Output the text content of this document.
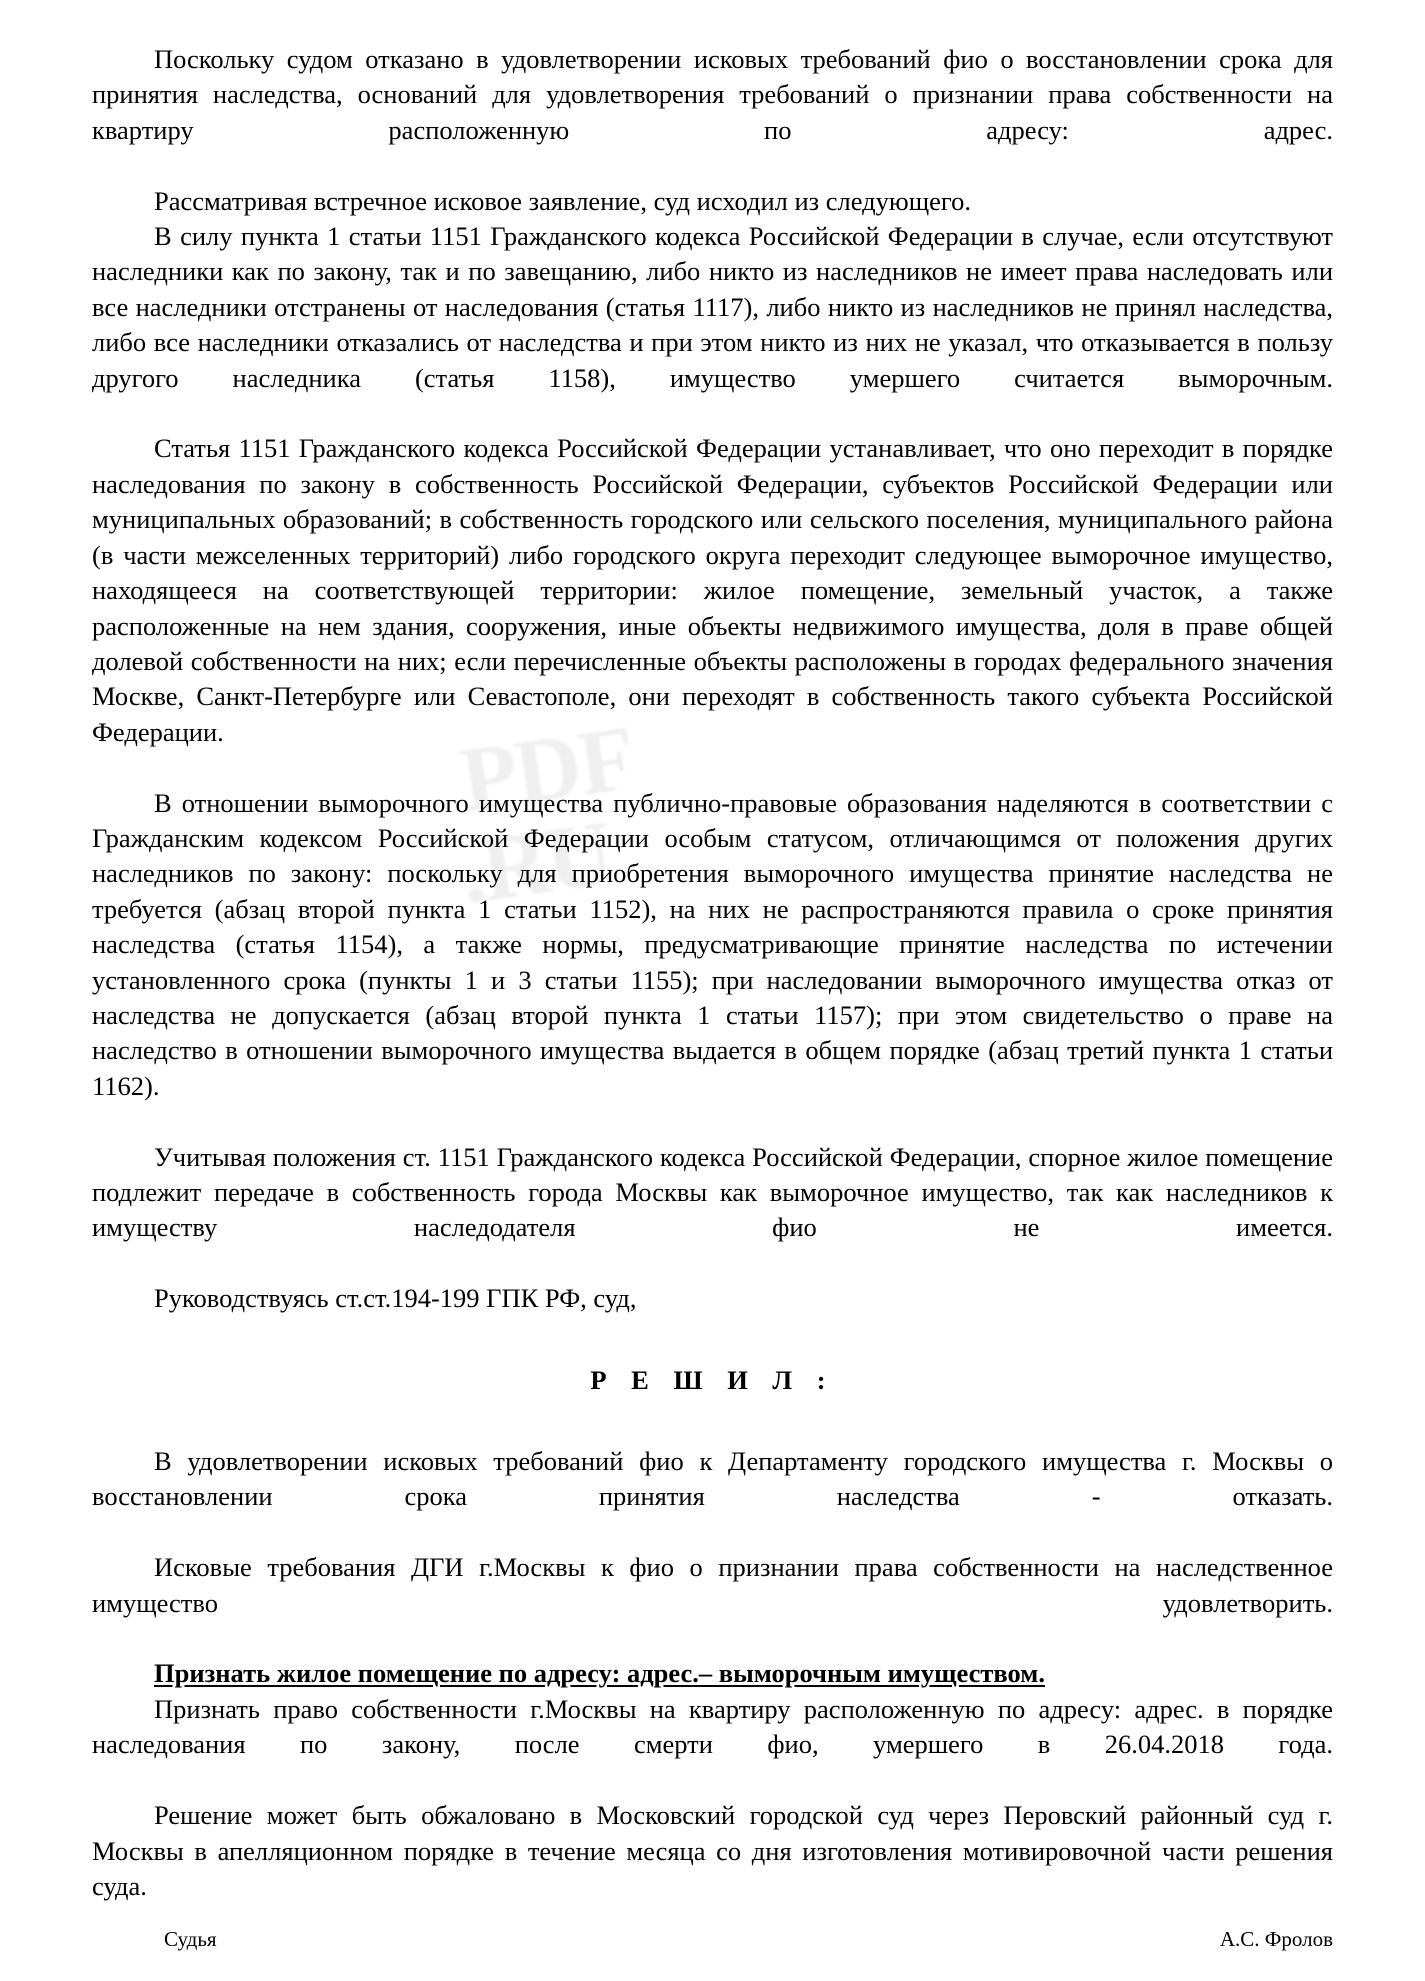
PDF
.RU

Поскольку судом отказано в удовлетворении исковых требований фио о восстановлении срока для принятия наследства, оснований для удовлетворения требований о признании права собственности на квартиру расположенную по адресу: адрес.

Рассматривая встречное исковое заявление, суд исходил из следующего.

В силу пункта 1 статьи 1151 Гражданского кодекса Российской Федерации в случае, если отсутствуют наследники как по закону, так и по завещанию, либо никто из наследников не имеет права наследовать или все наследники отстранены от наследования (статья 1117), либо никто из наследников не принял наследства, либо все наследники отказались от наследства и при этом никто из них не указал, что отказывается в пользу другого наследника (статья 1158), имущество умершего считается выморочным.

Статья 1151 Гражданского кодекса Российской Федерации устанавливает, что оно переходит в порядке наследования по закону в собственность Российской Федерации, субъектов Российской Федерации или муниципальных образований; в собственность городского или сельского поселения, муниципального района (в части межселенных территорий) либо городского округа переходит следующее выморочное имущество, находящееся на соответствующей территории: жилое помещение, земельный участок, а также расположенные на нем здания, сооружения, иные объекты недвижимого имущества, доля в праве общей долевой собственности на них; если перечисленные объекты расположены в городах федерального значения Москве, Санкт-Петербурге или Севастополе, они переходят в собственность такого субъекта Российской Федерации.

В отношении выморочного имущества публично-правовые образования наделяются в соответствии с Гражданским кодексом Российской Федерации особым статусом, отличающимся от положения других наследников по закону: поскольку для приобретения выморочного имущества принятие наследства не требуется (абзац второй пункта 1 статьи 1152), на них не распространяются правила о сроке принятия наследства (статья 1154), а также нормы, предусматривающие принятие наследства по истечении установленного срока (пункты 1 и 3 статьи 1155); при наследовании выморочного имущества отказ от наследства не допускается (абзац второй пункта 1 статьи 1157); при этом свидетельство о праве на наследство в отношении выморочного имущества выдается в общем порядке (абзац третий пункта 1 статьи 1162).

Учитывая положения ст. 1151 Гражданского кодекса Российской Федерации, спорное жилое помещение подлежит передаче в собственность города Москвы как выморочное имущество, так как наследников к имуществу наследодателя фио не имеется.

Руководствуясь ст.ст.194-199 ГПК РФ, суд,

Р Е Ш И Л :

В удовлетворении исковых требований фио к Департаменту городского имущества г. Москвы о восстановлении срока принятия наследства - отказать.

Исковые требования ДГИ г.Москвы к фио о признании права собственности на наследственное имущество удовлетворить.

Признать жилое помещение по адресу: адрес.– выморочным имуществом.

Признать право собственности г.Москвы на квартиру расположенную по адресу: адрес. в порядке наследования по закону, после смерти фио, умершего в 26.04.2018 года.

Решение может быть обжаловано в Московский городской суд через Перовский районный суд г. Москвы в апелляционном порядке в течение месяца со дня изготовления мотивировочной части решения суда.

Судья	А.С. Фролов
